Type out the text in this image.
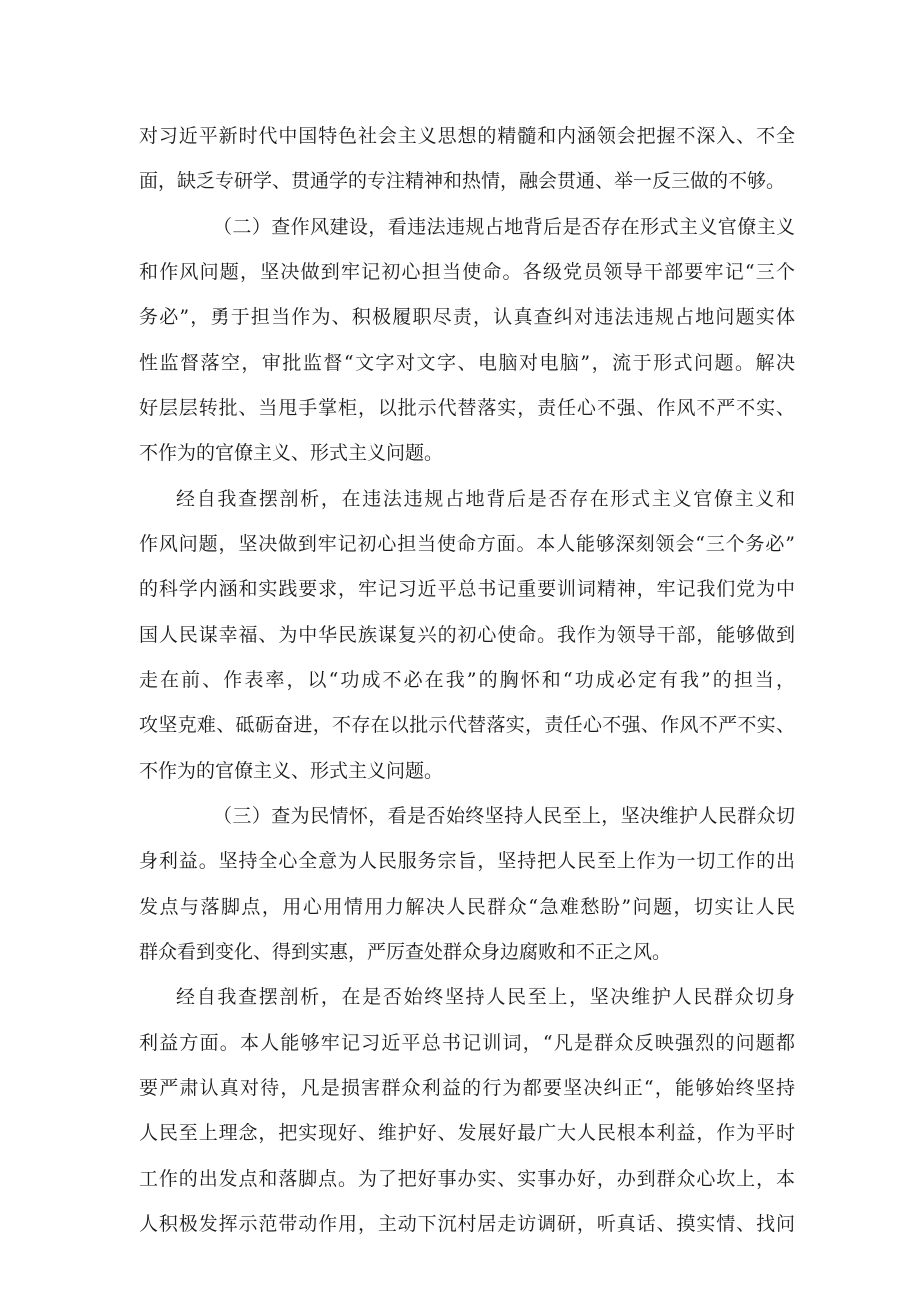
对习近平新时代中国特色社会主义思想的精髓和内涵领会把握不深入、不全
面，缺乏专研学、贯通学的专注精神和热情，融会贯通、举一反三做的不够。
（二）查作风建设，看违法违规占地背后是否存在形式主义官僚主义
和作风问题，坚决做到牢记初心担当使命。各级党员领导干部要牢记“三个
务必”，勇于担当作为、积极履职尽责，认真查纠对违法违规占地问题实体
性监督落空，审批监督“文字对文字、电脑对电脑”，流于形式问题。解决
好层层转批、当甩手掌柜，以批示代替落实，责任心不强、作风不严不实、
不作为的官僚主义、形式主义问题。
经自我查摆剖析，在违法违规占地背后是否存在形式主义官僚主义和
作风问题，坚决做到牢记初心担当使命方面。本人能够深刻领会“三个务必”
的科学内涵和实践要求，牢记习近平总书记重要训词精神，牢记我们党为中
国人民谋幸福、为中华民族谋复兴的初心使命。我作为领导干部，能够做到
走在前、作表率，以“功成不必在我”的胸怀和“功成必定有我”的担当，
攻坚克难、砥砺奋进，不存在以批示代替落实，责任心不强、作风不严不实、
不作为的官僚主义、形式主义问题。
（三）查为民情怀，看是否始终坚持人民至上，坚决维护人民群众切
身利益。坚持全心全意为人民服务宗旨，坚持把人民至上作为一切工作的出
发点与落脚点，用心用情用力解决人民群众“急难愁盼”问题，切实让人民
群众看到变化、得到实惠，严厉查处群众身边腐败和不正之风。
经自我查摆剖析，在是否始终坚持人民至上，坚决维护人民群众切身
利益方面。本人能够牢记习近平总书记训词，“凡是群众反映强烈的问题都
要严肃认真对待，凡是损害群众利益的行为都要坚决纠正“，能够始终坚持
人民至上理念，把实现好、维护好、发展好最广大人民根本利益，作为平时
工作的出发点和落脚点。为了把好事办实、实事办好，办到群众心坎上，本
人积极发挥示范带动作用，主动下沉村居走访调研，听真话、摸实情、找问
